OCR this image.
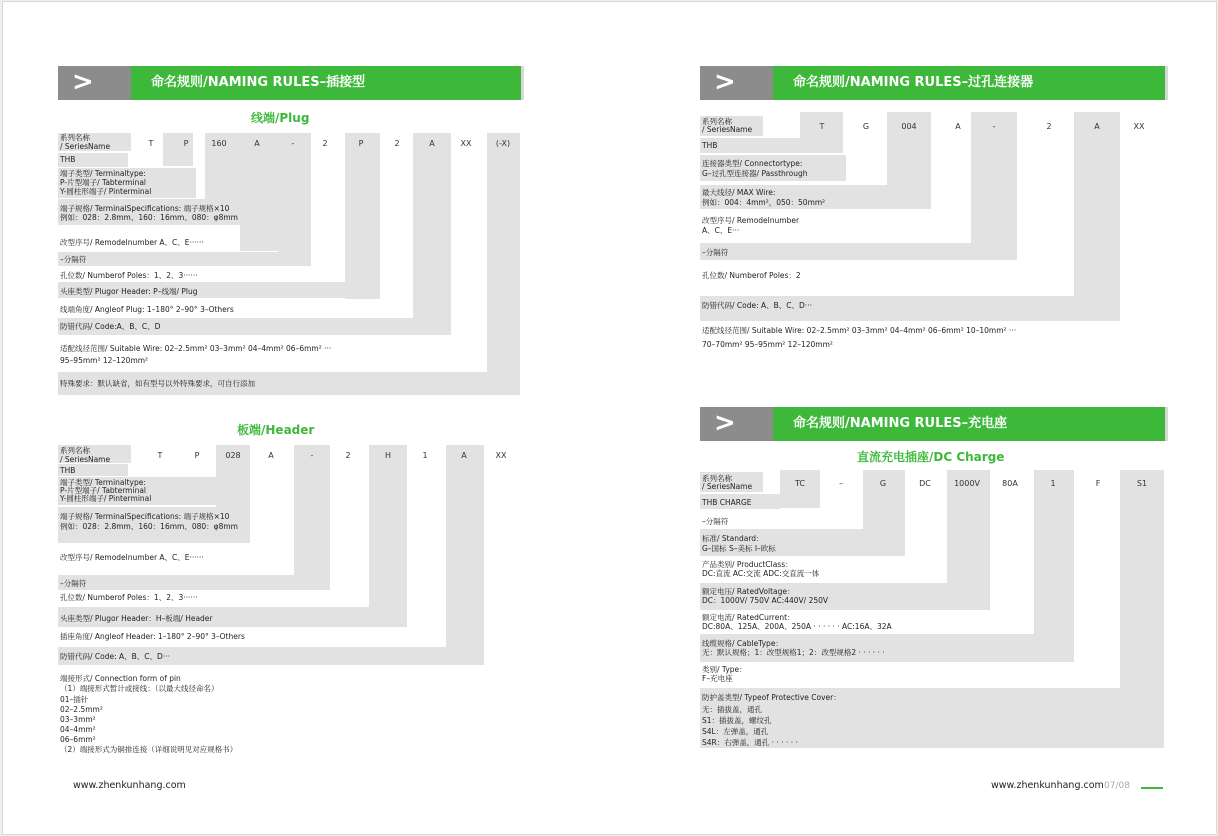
>	命名规则/NAMING RULES–插接型
线端/Plug
系列名称
/ SeriesName	T	P	160	A	-	2	P	2	A	XX	(-X)
THB
端子类型/ Terminaltype:
P-片型端子/ Tabterminal
Y-圆柱形端子/ Pinterminal
端子规格/ TerminalSpecifications: 端子规格×10
例如：028：2.8mm、160：16mm、080：φ8mm
改型序号/ Remodelnumber A、C、E······
–分隔符
孔位数/ Numberof Poles：1、2、3······
头座类型/ Plugor Header: P–线端/ Plug
线端角度/ Angleof Plug: 1–180° 2–90° 3–Others
防错代码/ Code:A、B、C、D
适配线径范围/ Suitable Wire: 02–2.5mm² 03–3mm² 04–4mm² 06–6mm² ···
95–95mm² 12–120mm²
特殊要求：默认缺省，如有型号以外特殊要求，可自行添加
板端/Header
系列名称
/ SeriesName	T	P	028	A	-	2	H	1	A	XX
THB
端子类型/ Terminaltype:
P-片型端子/ Tabterminal
Y-圆柱形端子/ Pinterminal
端子规格/ TerminalSpecifications: 端子规格×10
例如：028：2.8mm、160：16mm、080：φ8mm
改型序号/ Remodelnumber A、C、E······
–分隔符
孔位数/ Numberof Poles：1、2、3······
头座类型/ Plugor Header：H–板端/ Header
插座角度/ Angleof Header: 1–180° 2–90° 3–Others
防错代码/ Code: A、B、C、D···
端接形式/ Connection form of pin
（1）端接形式暂计或接线：（以最大线径命名）
01–插针
02–2.5mm²
03–3mm²
04–4mm²
06–6mm²
（2）端接形式为铜排连接（详细说明见对应规格书）
www.zhenkunhang.com
>	命名规则/NAMING RULES–过孔连接器
系列名称
/ SeriesName	T	G	004	A	-	2	A	XX
THB
连接器类型/ Connectortype:
G–过孔型连接器/ Passthrough
最大线径/ MAX Wire:
例如：004：4mm²，050：50mm²
改型序号/ Remodelnumber
A、C、E···
–分隔符
孔位数/ Numberof Poles：2
防错代码/ Code: A、B、C、D···
适配线径范围/ Suitable Wire: 02–2.5mm² 03–3mm² 04–4mm² 06–6mm² 10–10mm² ···
70–70mm² 95–95mm² 12–120mm²
>	命名规则/NAMING RULES–充电座
直流充电插座/DC Charge
系列名称
/ SeriesName	TC	–	G	DC	1000V	80A	1	F	S1
THB CHARGE
–分隔符
标准/ Standard：
G–国标 S–美标 I–欧标
产品类别/ ProductClass：
DC:直流 AC:交流 ADC:交直流一体
额定电压/ RatedVoltage：
DC：1000V/ 750V AC:440V/ 250V
额定电流/ RatedCurrent：
DC:80A、125A、200A、250A · · · · · · AC:16A、32A
线缆规格/ CableType：
无：默认规格；1：改型规格1；2：改型规格2 · · · · · ·
类别/ Type：
F–充电座
防护盖类型/ Typeof Protective Cover：
无：插拔盖，通孔
S1：插拔盖，螺纹孔
S4L：左弹盖，通孔
S4R：右弹盖，通孔 · · · · · ·
www.zhenkunhang.com 07/08
